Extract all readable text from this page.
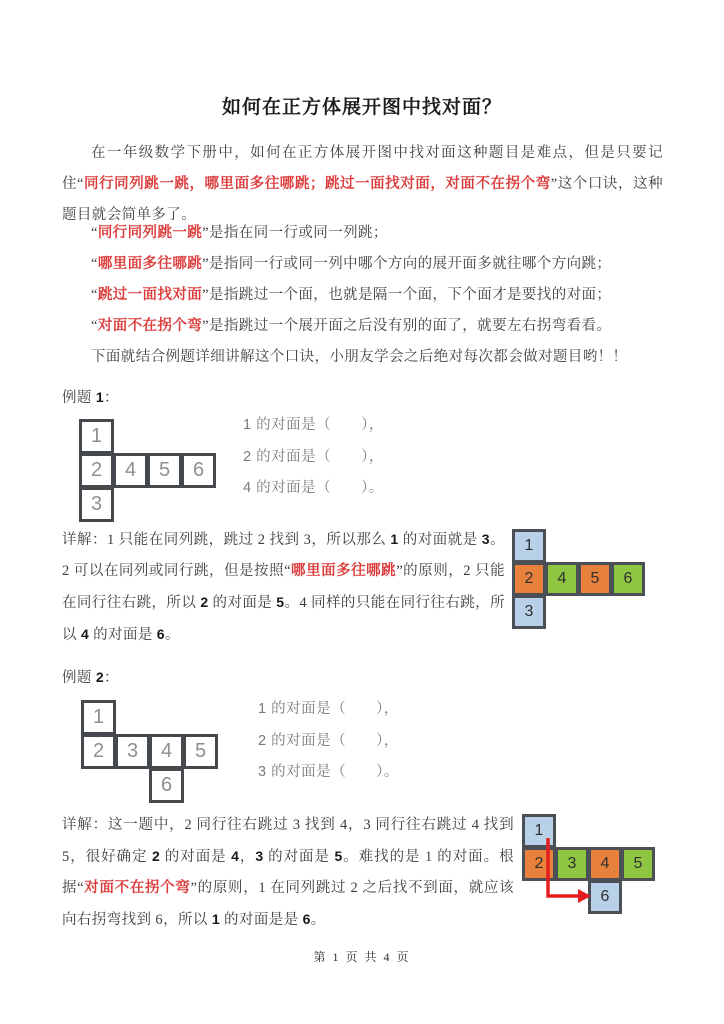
如何在正方体展开图中找对面？
在一年级数学下册中，如何在正方体展开图中找对面这种题目是难点，但是只要记住“同行同列跳一跳，哪里面多往哪跳；跳过一面找对面，对面不在拐个弯”这个口诀，这种题目就会简单多了。
“同行同列跳一跳”是指在同一行或同一列跳；
“哪里面多往哪跳”是指同一行或同一列中哪个方向的展开面多就往哪个方向跳；
“跳过一面找对面”是指跳过一个面，也就是隔一个面，下个面才是要找的对面；
“对面不在拐个弯”是指跳过一个展开面之后没有别的面了，就要左右拐弯看看。
下面就结合例题详细讲解这个口诀，小朋友学会之后绝对每次都会做对题目哟！！
例题 1：
1
2	4	5	6
3
1 的对面是（　　），
2 的对面是（　　），
4 的对面是（　　）。
详解：1 只能在同列跳，跳过 2 找到 3，所以那么 1 的对面就是 3。2 可以在同列或同行跳，但是按照“哪里面多往哪跳”的原则，2 只能在同行往右跳，所以 2 的对面是 5。4 同样的只能在同行往右跳，所以 4 的对面是 6。
1
2	4	5	6
3
例题 2：
1
2	3	4	5
6
1 的对面是（　　），
2 的对面是（　　），
3 的对面是（　　）。
详解：这一题中，2 同行往右跳过 3 找到 4，3 同行往右跳过 4 找到 5，很好确定 2 的对面是 4，3 的对面是 5。难找的是 1 的对面。根据“对面不在拐个弯”的原则，1 在同列跳过 2 之后找不到面，就应该向右拐弯找到 6，所以 1 的对面是是 6。
1
2	3	4	5
6
第 1 页 共 4 页
